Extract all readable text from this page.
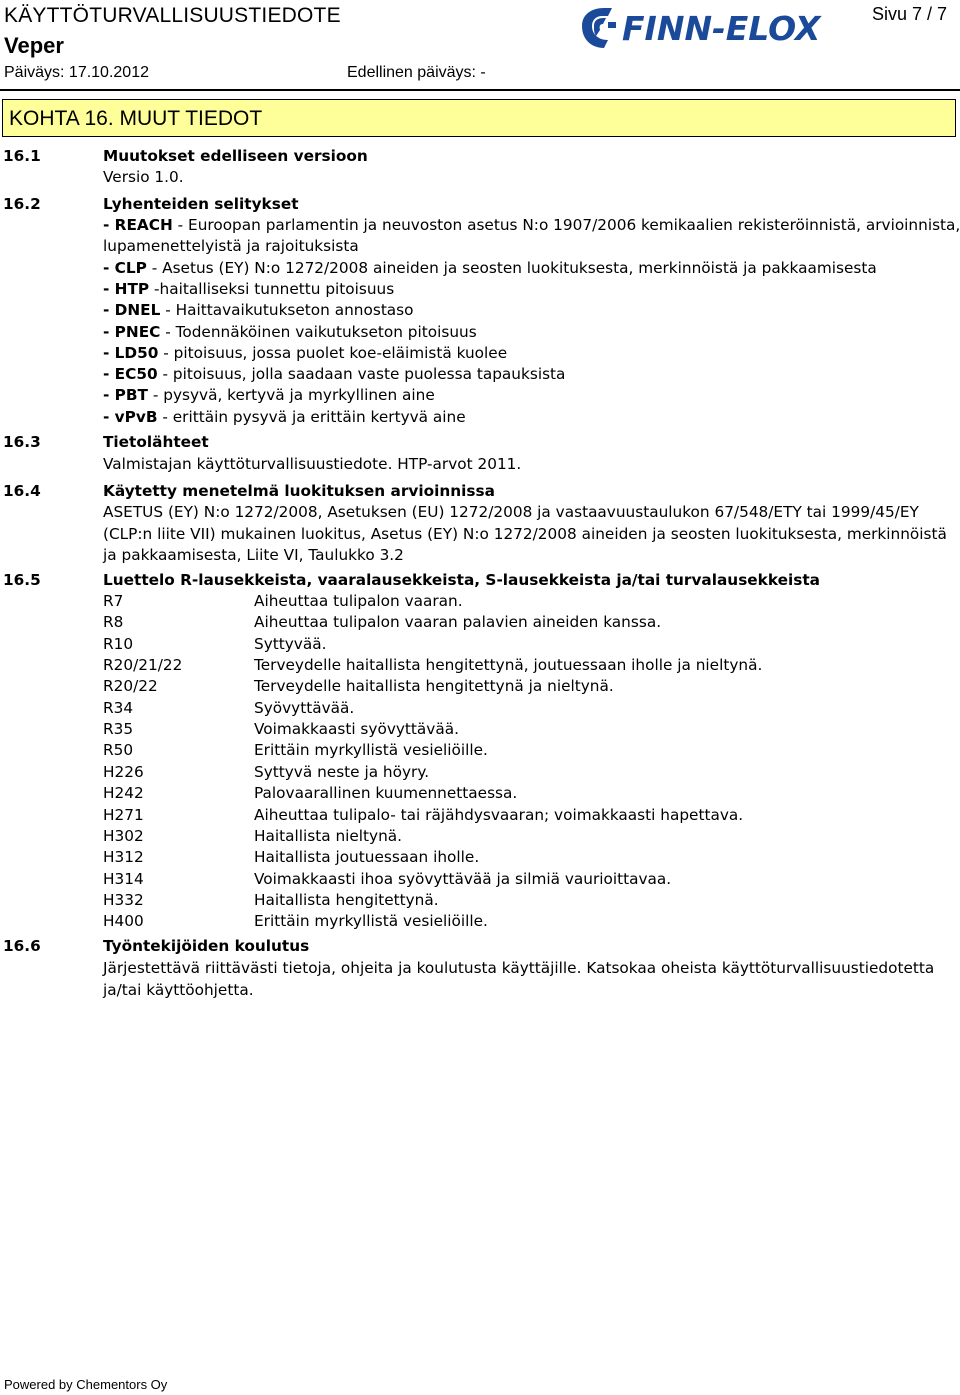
KÄYTTÖTURVALLISUUSTIEDOTE
Veper
Päiväys: 17.10.2012	Edellinen päiväys: -
Sivu 7 / 7
FINN-ELOX
KOHTA 16. MUUT TIEDOT
16.1	Muutokset edelliseen versioon
Versio 1.0.
16.2	Lyhenteiden selitykset
- REACH - Euroopan parlamentin ja neuvoston asetus N:o 1907/2006 kemikaalien rekisteröinnistä, arvioinnista,
lupamenettelyistä ja rajoituksista
- CLP - Asetus (EY) N:o 1272/2008 aineiden ja seosten luokituksesta, merkinnöistä ja pakkaamisesta
- HTP -haitalliseksi tunnettu pitoisuus
- DNEL - Haittavaikutukseton annostaso
- PNEC - Todennäköinen vaikutukseton pitoisuus
- LD50 - pitoisuus, jossa puolet koe-eläimistä kuolee
- EC50 - pitoisuus, jolla saadaan vaste puolessa tapauksista
- PBT - pysyvä, kertyvä ja myrkyllinen aine
- vPvB - erittäin pysyvä ja erittäin kertyvä aine
16.3	Tietolähteet
Valmistajan käyttöturvallisuustiedote. HTP-arvot 2011.
16.4	Käytetty menetelmä luokituksen arvioinnissa
ASETUS (EY) N:o 1272/2008, Asetuksen (EU) 1272/2008 ja vastaavuustaulukon 67/548/ETY tai 1999/45/EY
(CLP:n liite VII) mukainen luokitus, Asetus (EY) N:o 1272/2008 aineiden ja seosten luokituksesta, merkinnöistä
ja pakkaamisesta, Liite VI, Taulukko 3.2
16.5	Luettelo R-lausekkeista, vaaralausekkeista, S-lausekkeista ja/tai turvalausekkeista
R7	Aiheuttaa tulipalon vaaran.
R8	Aiheuttaa tulipalon vaaran palavien aineiden kanssa.
R10	Syttyvää.
R20/21/22	Terveydelle haitallista hengitettynä, joutuessaan iholle ja nieltynä.
R20/22	Terveydelle haitallista hengitettynä ja nieltynä.
R34	Syövyttävää.
R35	Voimakkaasti syövyttävää.
R50	Erittäin myrkyllistä vesieliöille.
H226	Syttyvä neste ja höyry.
H242	Palovaarallinen kuumennettaessa.
H271	Aiheuttaa tulipalo- tai räjähdysvaaran; voimakkaasti hapettava.
H302	Haitallista nieltynä.
H312	Haitallista joutuessaan iholle.
H314	Voimakkaasti ihoa syövyttävää ja silmiä vaurioittavaa.
H332	Haitallista hengitettynä.
H400	Erittäin myrkyllistä vesieliöille.
16.6	Työntekijöiden koulutus
Järjestettävä riittävästi tietoja, ohjeita ja koulutusta käyttäjille. Katsokaa oheista käyttöturvallisuustiedotetta
ja/tai käyttöohjetta.
Powered by Chementors Oy
